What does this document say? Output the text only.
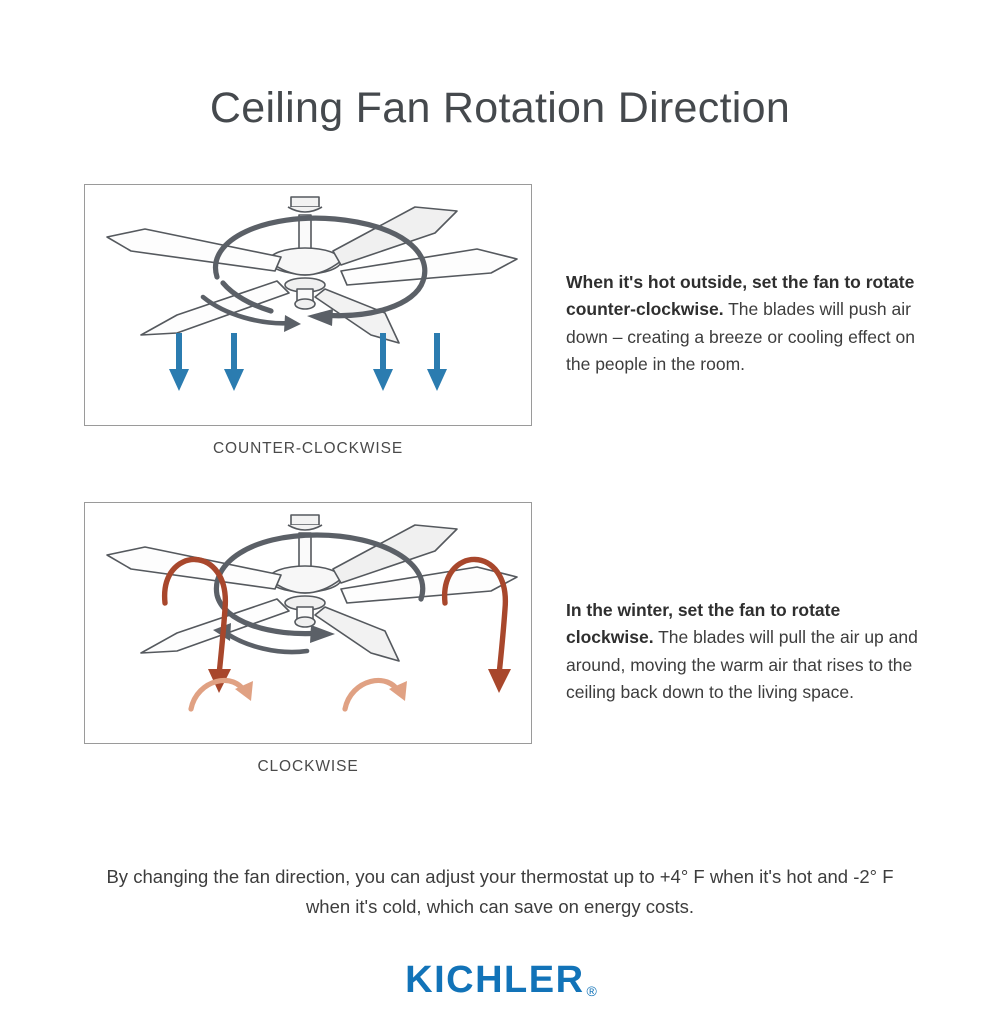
Ceiling Fan Rotation Direction
COUNTER-CLOCKWISE

When it's hot outside, set the fan to rotate counter-clockwise. The blades will push air down – creating a breeze or cooling effect on the people in the room.

CLOCKWISE

In the winter, set the fan to rotate clockwise. The blades will pull the air up and around, moving the warm air that rises to the ceiling back down to the living space.

By changing the fan direction, you can adjust your thermostat up to +4° F when it's hot and -2° F when it's cold, which can save on energy costs.

KICHLER ®
